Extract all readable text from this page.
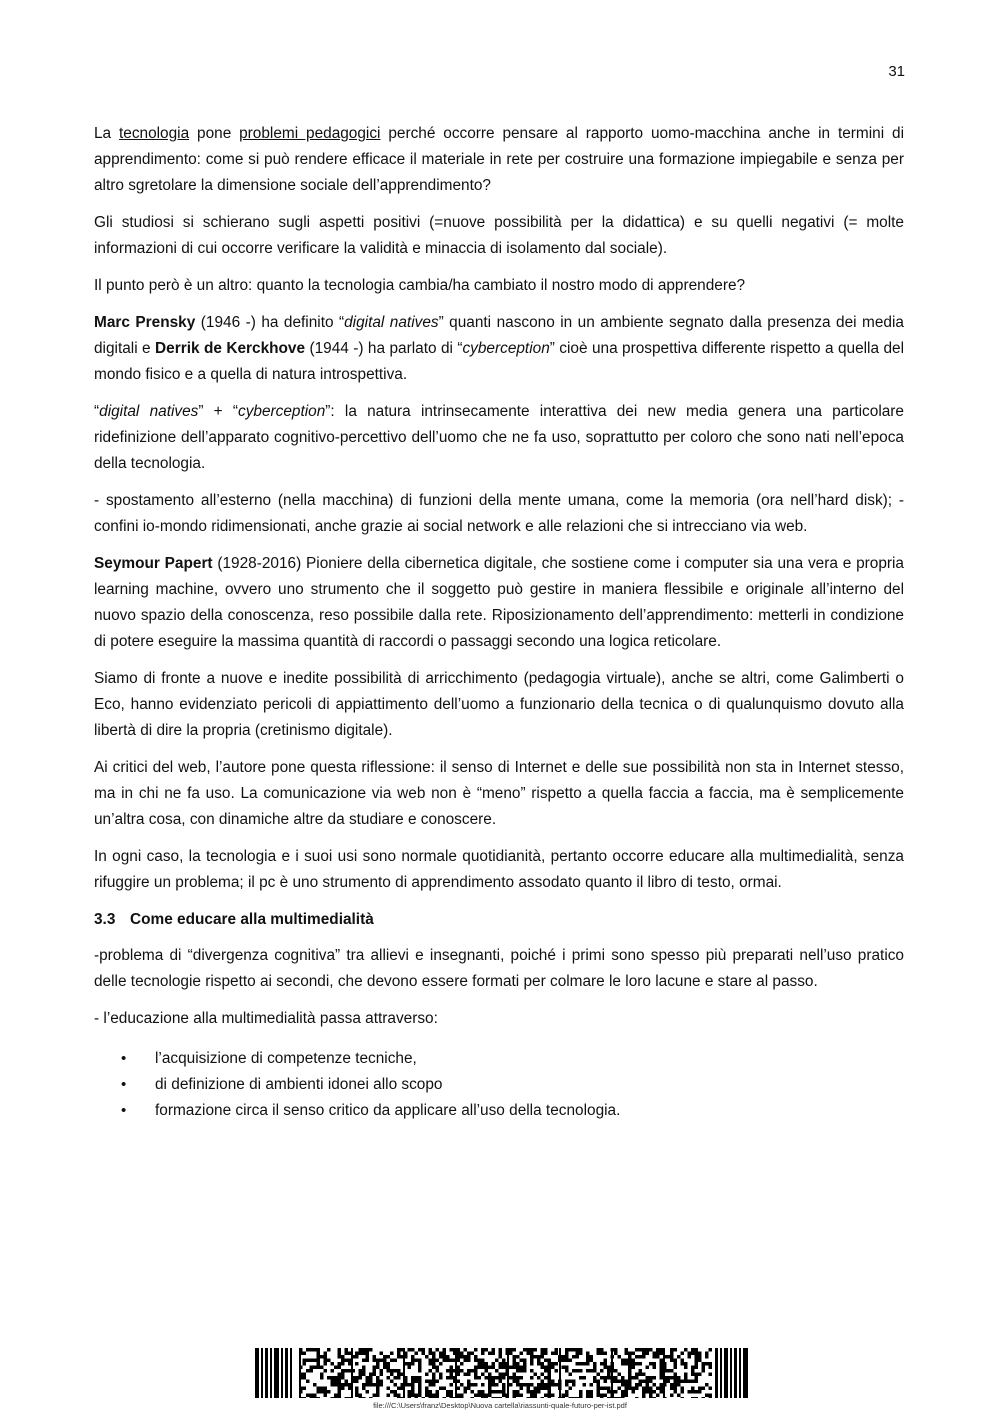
31

La tecnologia pone problemi pedagogici perché occorre pensare al rapporto uomo-macchina anche in termini di apprendimento: come si può rendere efficace il materiale in rete per costruire una formazione impiegabile e senza per altro sgretolare la dimensione sociale dell’apprendimento?

Gli studiosi si schierano sugli aspetti positivi (=nuove possibilità per la didattica) e su quelli negativi (= molte informazioni di cui occorre verificare la validità e minaccia di isolamento dal sociale).

Il punto però è un altro: quanto la tecnologia cambia/ha cambiato il nostro modo di apprendere?

Marc Prensky (1946 -) ha definito “digital natives” quanti nascono in un ambiente segnato dalla presenza dei media digitali e Derrik de Kerckhove (1944 -) ha parlato di “cyberception” cioè una prospettiva differente rispetto a quella del mondo fisico e a quella di natura introspettiva.

“digital natives” + “cyberception”: la natura intrinsecamente interattiva dei new media genera una particolare ridefinizione dell’apparato cognitivo-percettivo dell’uomo che ne fa uso, soprattutto per coloro che sono nati nell’epoca della tecnologia.

- spostamento all’esterno (nella macchina) di funzioni della mente umana, come la memoria (ora nell’hard disk); - confini io-mondo ridimensionati, anche grazie ai social network e alle relazioni che si intrecciano via web.

Seymour Papert (1928-2016) Pioniere della cibernetica digitale, che sostiene come i computer sia una vera e propria learning machine, ovvero uno strumento che il soggetto può gestire in maniera flessibile e originale all’interno del nuovo spazio della conoscenza, reso possibile dalla rete. Riposizionamento dell’apprendimento: metterli in condizione di potere eseguire la massima quantità di raccordi o passaggi secondo una logica reticolare.

Siamo di fronte a nuove e inedite possibilità di arricchimento (pedagogia virtuale), anche se altri, come Galimberti o Eco, hanno evidenziato pericoli di appiattimento dell’uomo a funzionario della tecnica o di qualunquismo dovuto alla libertà di dire la propria (cretinismo digitale).

Ai critici del web, l’autore pone questa riflessione: il senso di Internet e delle sue possibilità non sta in Internet stesso, ma in chi ne fa uso. La comunicazione via web non è “meno” rispetto a quella faccia a faccia, ma è semplicemente un’altra cosa, con dinamiche altre da studiare e conoscere.

In ogni caso, la tecnologia e i suoi usi sono normale quotidianità, pertanto occorre educare alla multimedialità, senza rifuggire un problema; il pc è uno strumento di apprendimento assodato quanto il libro di testo, ormai.

3.3 Come educare alla multimedialità

-problema di “divergenza cognitiva” tra allievi e insegnanti, poiché i primi sono spesso più preparati nell’uso pratico delle tecnologie rispetto ai secondi, che devono essere formati per colmare le loro lacune e stare al passo.

- l’educazione alla multimedialità passa attraverso:

• l’acquisizione di competenze tecniche,
• di definizione di ambienti idonei allo scopo
• formazione circa il senso critico da applicare all’uso della tecnologia.
file:///C:\Users\franz\Desktop\Nuova cartella\riassunti-quale-futuro-per-ist.pdf
